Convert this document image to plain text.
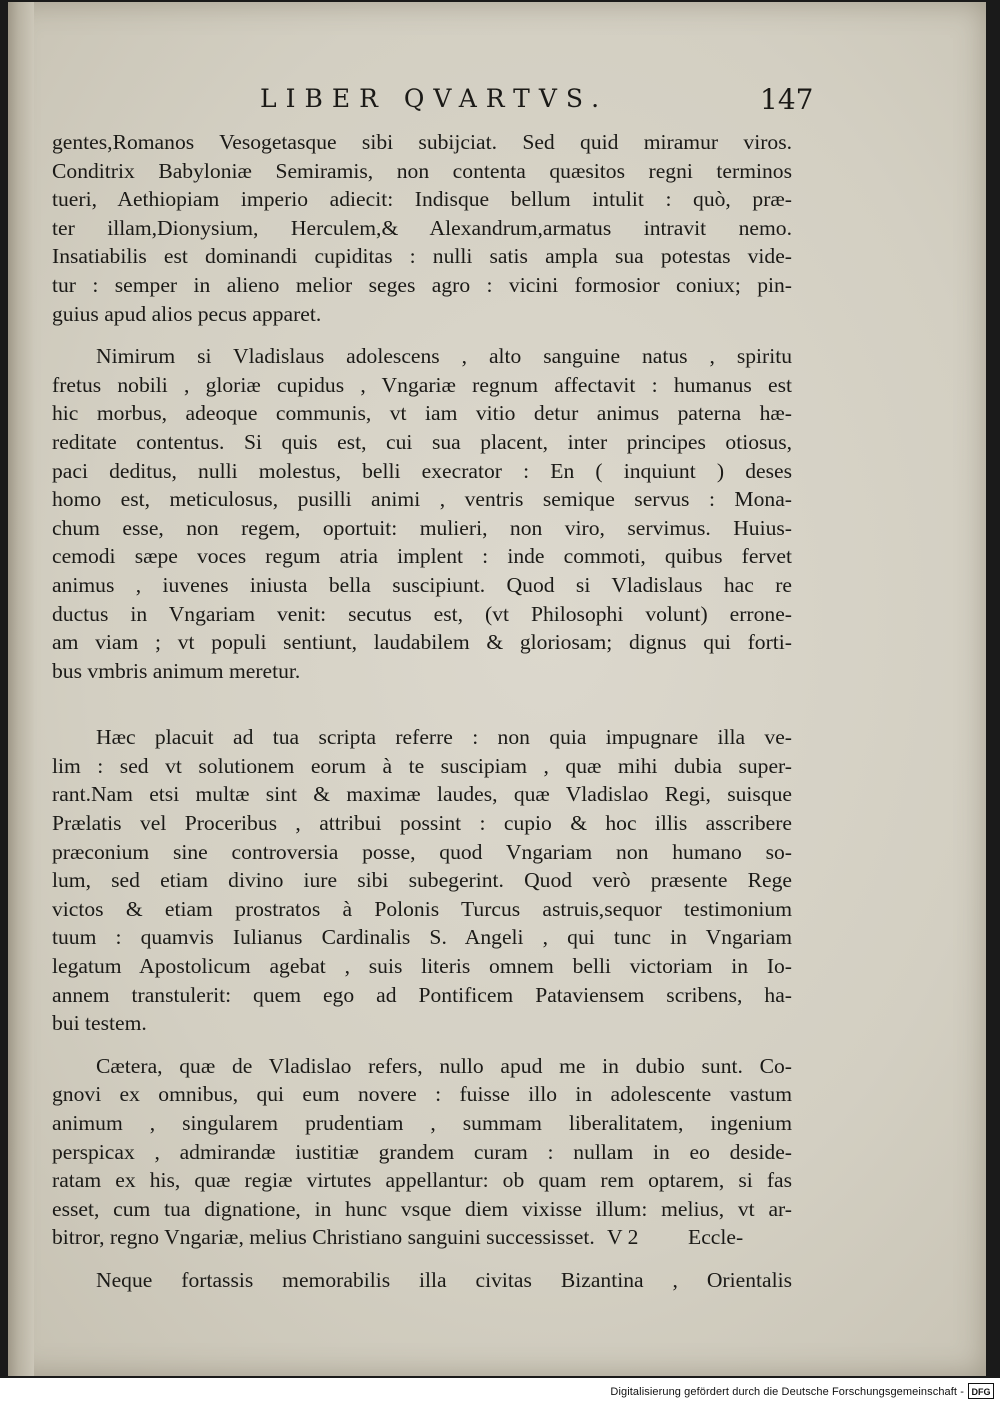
LIBER QVARTVS.	147

gentes,Romanos Vesogetasque sibi subijciat. Sed quid miramur viros.
Conditrix Babyloniæ Semiramis, non contenta quæsitos regni terminos
tueri, Aethiopiam imperio adiecit: Indisque bellum intulit : quò, præ-
ter illam,Dionysium, Herculem,& Alexandrum,armatus intravit nemo.
Insatiabilis est dominandi cupiditas : nulli satis ampla sua potestas vide-
tur : semper in alieno melior seges agro : vicini formosior coniux; pin-
guius apud alios pecus apparet.

Nimirum si Vladislaus adolescens , alto sanguine natus , spiritu
fretus nobili , gloriæ cupidus , Vngariæ regnum affectavit : humanus est
hic morbus, adeoque communis, vt iam vitio detur animus paterna hæ-
reditate contentus. Si quis est, cui sua placent, inter principes otiosus,
paci deditus, nulli molestus, belli execrator : En ( inquiunt ) deses
homo est, meticulosus, pusilli animi , ventris semique servus : Mona-
chum esse, non regem, oportuit: mulieri, non viro, servimus. Huius-
cemodi sæpe voces regum atria implent : inde commoti, quibus fervet
animus , iuvenes iniusta bella suscipiunt. Quod si Vladislaus hac re
ductus in Vngariam venit: secutus est, (vt Philosophi volunt) errone-
am viam ; vt populi sentiunt, laudabilem & gloriosam; dignus qui forti-
bus vmbris animum meretur.

Hæc placuit ad tua scripta referre : non quia impugnare illa ve-
lim : sed vt solutionem eorum à te suscipiam , quæ mihi dubia super-
rant.Nam etsi multæ sint & maximæ laudes, quæ Vladislao Regi, suisque
Prælatis vel Proceribus , attribui possint : cupio & hoc illis asscribere
præconium sine controversia posse, quod Vngariam non humano so-
lum, sed etiam divino iure sibi subegerint. Quod verò præsente Rege
victos & etiam prostratos à Polonis Turcus astruis,sequor testimonium
tuum : quamvis Iulianus Cardinalis S. Angeli , qui tunc in Vngariam
legatum Apostolicum agebat , suis literis omnem belli victoriam in Io-
annem transtulerit: quem ego ad Pontificem Pataviensem scribens, ha-
bui testem.

Cætera, quæ de Vladislao refers, nullo apud me in dubio sunt. Co-
gnovi ex omnibus, qui eum novere : fuisse illo in adolescente vastum
animum , singularem prudentiam , summam liberalitatem, ingenium
perspicax , admirandæ iustitiæ grandem curam : nullam in eo deside-
ratam ex his, quæ regiæ virtutes appellantur: ob quam rem optarem, si fas
esset, cum tua dignatione, in hunc vsque diem vixisse illum: melius, vt ar-
bitror, regno Vngariæ, melius Christiano sanguini successisset.

Neque fortassis memorabilis illa civitas Bizantina , Orientalis

V 2 Eccle-
Digitalisierung gefördert durch die Deutsche Forschungsgemeinschaft - DFG
